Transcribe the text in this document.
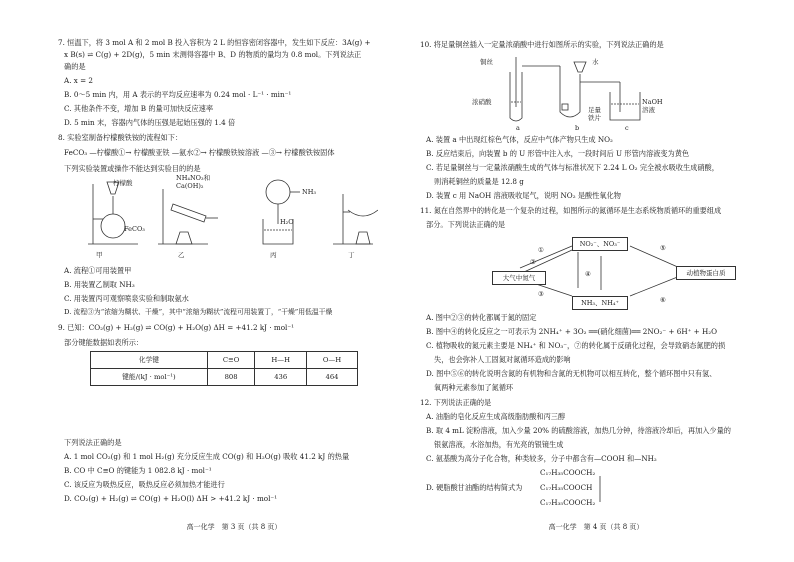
7. 恒温下，将 3 mol A 和 2 mol B 投入容积为 2 L 的恒容密闭容器中，发生如下反应：3A(g) +
x B(s) ⇌ C(g) + 2D(g)，5 min 末测得容器中 B、D 的物质的量均为 0.8 mol。下列说法正
确的是
A. x = 2
B. 0～5 min 内，用 A 表示的平均反应速率为 0.24 mol · L⁻¹ · min⁻¹
C. 其他条件不变，增加 B 的量可加快反应速率
D. 5 min 末，容器内气体的压强是起始压强的 1.4 倍
8. 实验室制备柠檬酸铁铵的流程如下：
FeCO₃ —柠檬酸①→ 柠檬酸亚铁 —氨水②→ 柠檬酸铁铵溶液 —③→ 柠檬酸铁铵固体
下列实验装置或操作不能达到实验目的的是
柠檬酸
FeCO₃
NH₄NO₃和
Ca(OH)₂
NH₃
H₂O
甲	乙	丙	丁
A. 流程①可用装置甲
B. 用装置乙制取 NH₃
C. 用装置丙可观察喷泉实验和制取氨水
D. 流程③为“浓缩为糊状、干燥”，其中“浓缩为糊状”流程可用装置丁，“干燥”用低温干燥
9. 已知：CO₂(g) + H₂(g) ⇌ CO(g) + H₂O(g) ΔH = +41.2 kJ · mol⁻¹
部分键能数据如表所示：
化学键	C≡O	H—H	O—H
键能/(kJ · mol⁻¹)	808	436	464
下列说法正确的是
A. 1 mol CO₂(g) 和 1 mol H₂(g) 充分反应生成 CO(g) 和 H₂O(g) 吸收 41.2 kJ 的热量
B. CO 中 C≡O 的键能为 1 082.8 kJ · mol⁻¹
C. 该反应为吸热反应，吸热反应必须加热才能进行
D. CO₂(g) + H₂(g) ⇌ CO(g) + H₂O(l) ΔH > +41.2 kJ · mol⁻¹
高一化学　第 3 页（共 8 页）
10. 将足量铜丝插入一定量浓硝酸中进行如图所示的实验，下列说法正确的是
铜丝	水
浓硝酸	NaOH
溶液
足量
铁片
a	b	c
A. 装置 a 中出现红棕色气体，反应中气体产物只生成 NO₂
B. 反应结束后，向装置 b 的 U 形管中注入水，一段时间后 U 形管内溶液变为黄色
C. 若足量铜丝与一定量浓硝酸生成的气体与标准状况下 2.24 L O₂ 完全被水吸收生成硝酸，
则消耗铜丝的质量是 12.8 g
D. 装置 c 用 NaOH 溶液吸收尾气，说明 NO₂ 是酸性氧化物
11. 氮在自然界中的转化是一个复杂的过程，如图所示的氮循环是生态系统物质循环的重要组成
部分。下列说法正确的是
NO₂⁻、NO₃⁻
大气中氮气
动植物蛋白质
NH₃、NH₄⁺
①
②
③
④
⑤
⑥
A. 图中②③的转化都属于氮的固定
B. 图中④的转化反应之一可表示为 2NH₄⁺ + 3O₂ ══(硝化细菌)══ 2NO₂⁻ + 6H⁺ + H₂O
C. 植物吸收的氮元素主要是 NH₄⁺ 和 NO₃⁻，⑦的转化属于反硝化过程，会导致硝态氮肥的损
失，也会弥补人工固氮对氮循环造成的影响
D. 图中⑤⑥的转化说明含氮的有机物和含氮的无机物可以相互转化，整个循环图中只有氢、
氧两种元素参加了氮循环
12. 下列说法正确的是
A. 油脂的皂化反应生成高级脂肪酸和丙三醇
B. 取 4 mL 淀粉溶液，加入少量 20% 的硫酸溶液，加热几分钟，待溶液冷却后，再加入少量的
银氨溶液，水浴加热，有光亮的银镜生成
C. 氨基酸为高分子化合物，种类较多，分子中都含有—COOH 和—NH₂
D. 硬脂酸甘油酯的结构简式为
C₁₇H₃₅COOCH₂
C₁₇H₃₅COOCH
C₁₇H₃₅COOCH₂
高一化学　第 4 页（共 8 页）
